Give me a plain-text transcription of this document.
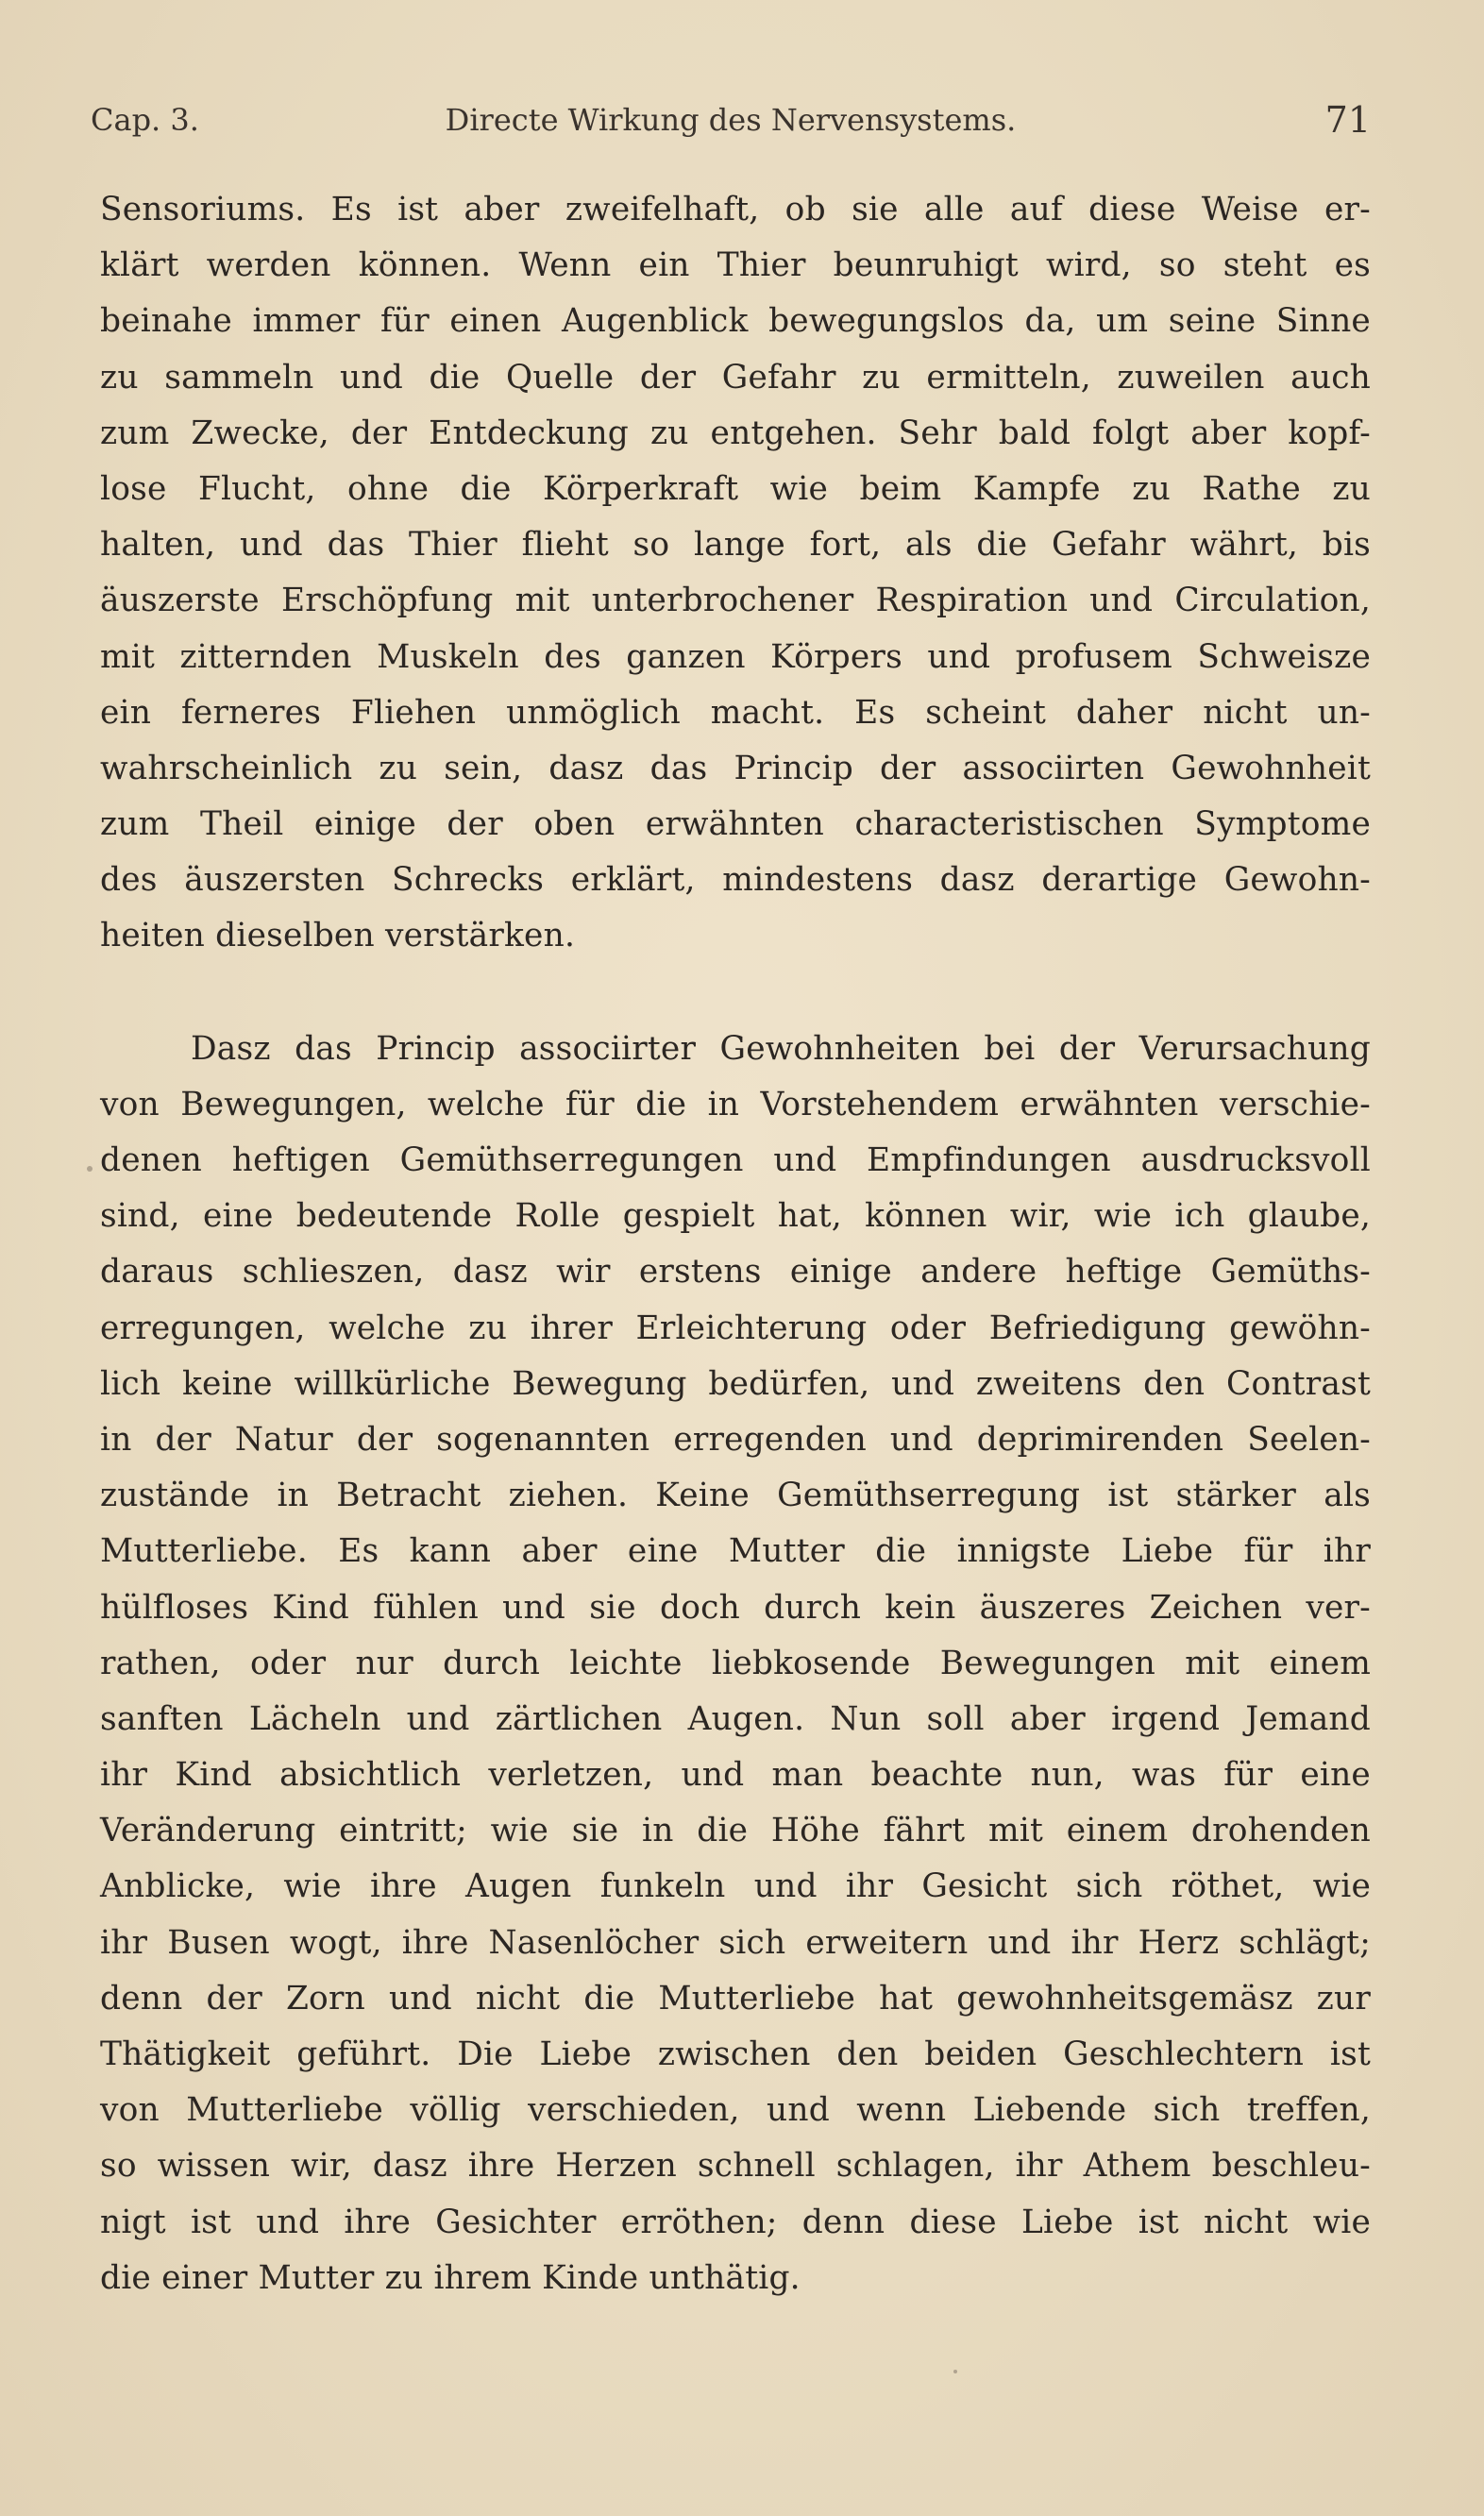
Cap. 3.	Directe Wirkung des Nervensystems.	71
Sensoriums. Es ist aber zweifelhaft, ob sie alle auf diese Weise er-
klärt werden können. Wenn ein Thier beunruhigt wird, so steht es
beinahe immer für einen Augenblick bewegungslos da, um seine Sinne
zu sammeln und die Quelle der Gefahr zu ermitteln, zuweilen auch
zum Zwecke, der Entdeckung zu entgehen. Sehr bald folgt aber kopf-
lose Flucht, ohne die Körperkraft wie beim Kampfe zu Rathe zu
halten, und das Thier flieht so lange fort, als die Gefahr währt, bis
äuszerste Erschöpfung mit unterbrochener Respiration und Circulation,
mit zitternden Muskeln des ganzen Körpers und profusem Schweisze
ein ferneres Fliehen unmöglich macht. Es scheint daher nicht un-
wahrscheinlich zu sein, dasz das Princip der associirten Gewohnheit
zum Theil einige der oben erwähnten characteristischen Symptome
des äuszersten Schrecks erklärt, mindestens dasz derartige Gewohn-
heiten dieselben verstärken.
Dasz das Princip associirter Gewohnheiten bei der Verursachung
von Bewegungen, welche für die in Vorstehendem erwähnten verschie-
denen heftigen Gemüthserregungen und Empfindungen ausdrucksvoll
sind, eine bedeutende Rolle gespielt hat, können wir, wie ich glaube,
daraus schlieszen, dasz wir erstens einige andere heftige Gemüths-
erregungen, welche zu ihrer Erleichterung oder Befriedigung gewöhn-
lich keine willkürliche Bewegung bedürfen, und zweitens den Contrast
in der Natur der sogenannten erregenden und deprimirenden Seelen-
zustände in Betracht ziehen. Keine Gemüthserregung ist stärker als
Mutterliebe. Es kann aber eine Mutter die innigste Liebe für ihr
hülfloses Kind fühlen und sie doch durch kein äuszeres Zeichen ver-
rathen, oder nur durch leichte liebkosende Bewegungen mit einem
sanften Lächeln und zärtlichen Augen. Nun soll aber irgend Jemand
ihr Kind absichtlich verletzen, und man beachte nun, was für eine
Veränderung eintritt; wie sie in die Höhe fährt mit einem drohenden
Anblicke, wie ihre Augen funkeln und ihr Gesicht sich röthet, wie
ihr Busen wogt, ihre Nasenlöcher sich erweitern und ihr Herz schlägt;
denn der Zorn und nicht die Mutterliebe hat gewohnheitsgemäsz zur
Thätigkeit geführt. Die Liebe zwischen den beiden Geschlechtern ist
von Mutterliebe völlig verschieden, und wenn Liebende sich treffen,
so wissen wir, dasz ihre Herzen schnell schlagen, ihr Athem beschleu-
nigt ist und ihre Gesichter erröthen; denn diese Liebe ist nicht wie
die einer Mutter zu ihrem Kinde unthätig.
